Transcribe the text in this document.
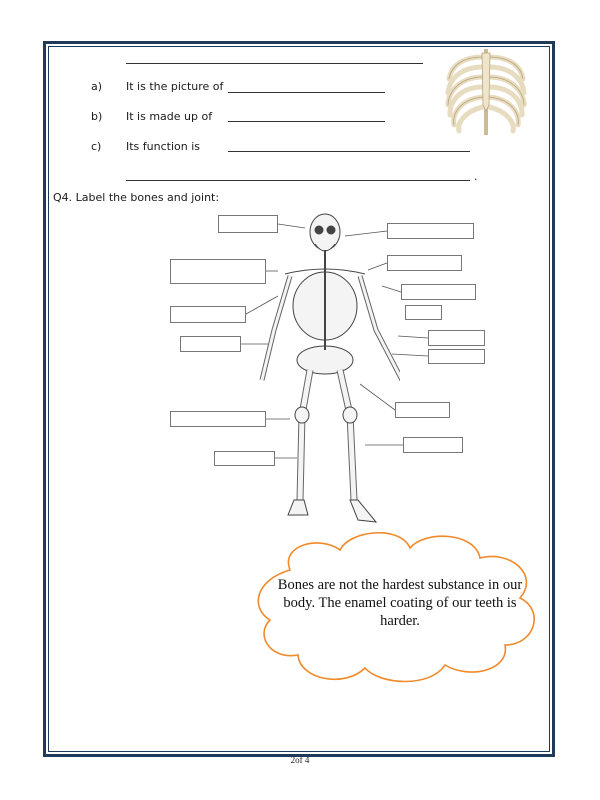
a) It is the picture of
b) It is made up of
c) Its function is
.
Q4. Label the bones and joint:
Bones are not the hardest substance in our body. The enamel coating of our teeth is harder.
2of 4
